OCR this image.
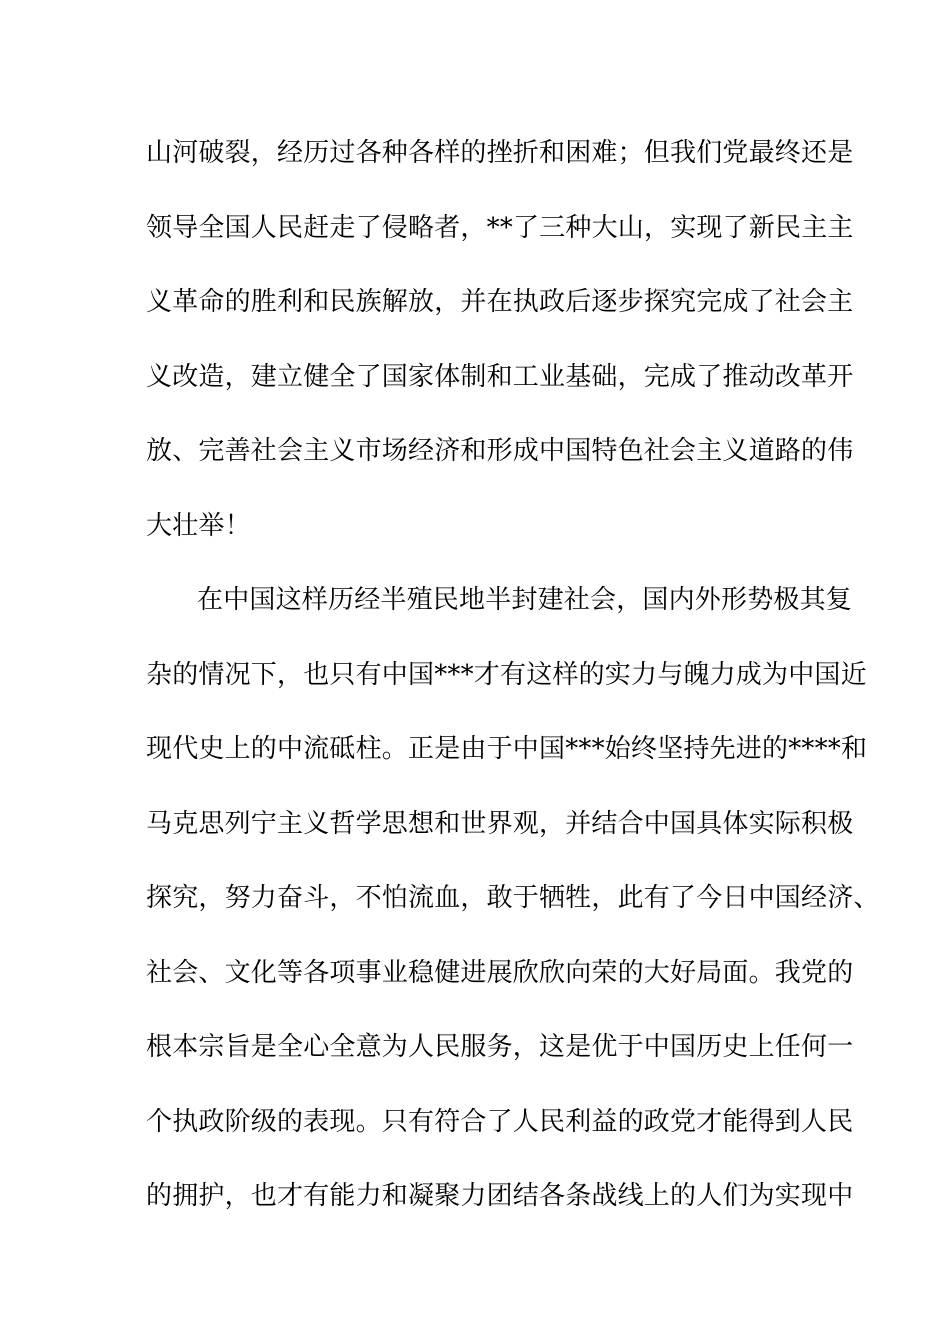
山河破裂，经历过各种各样的挫折和困难；但我们党最终还是
领导全国人民赶走了侵略者，**了三种大山，实现了新民主主
义革命的胜利和民族解放，并在执政后逐步探究完成了社会主
义改造，建立健全了国家体制和工业基础，完成了推动改革开
放、完善社会主义市场经济和形成中国特色社会主义道路的伟
大壮举！
在中国这样历经半殖民地半封建社会，国内外形势极其复
杂的情况下，也只有中国***才有这样的实力与魄力成为中国近
现代史上的中流砥柱。正是由于中国***始终坚持先进的****和
马克思列宁主义哲学思想和世界观，并结合中国具体实际积极
探究，努力奋斗，不怕流血，敢于牺牲，此有了今日中国经济、
社会、文化等各项事业稳健进展欣欣向荣的大好局面。我党的
根本宗旨是全心全意为人民服务，这是优于中国历史上任何一
个执政阶级的表现。只有符合了人民利益的政党才能得到人民
的拥护，也才有能力和凝聚力团结各条战线上的人们为实现中
